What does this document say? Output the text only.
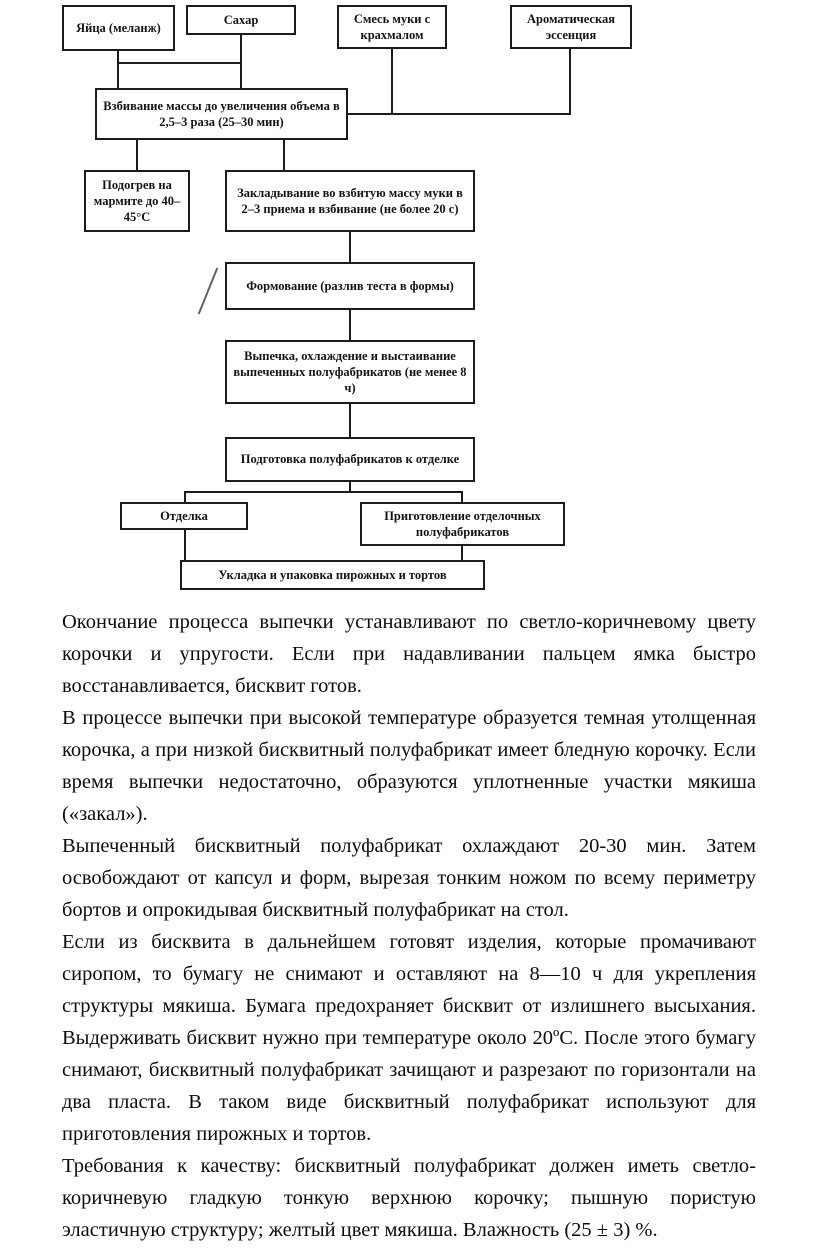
Яйца (меланж)
Сахар	Смесь муки с крахмалом
Ароматическая эссенция
Взбивание массы до увеличения объема в 2,5–3 раза (25–30 мин)
Подогрев на мармите до 40–45°С
Закладывание во взбитую массу муки в 2–3 приема и взбивание (не более 20 с)
Формование (разлив теста в формы)
Выпечка, охлаждение и выстаивание выпеченных полуфабрикатов (не менее 8 ч)
Подготовка полуфабрикатов к отделке
Отделка	Приготовление отделочных полуфабрикатов
Укладка и упаковка пирожных и тортов

Окончание процесса выпечки устанавливают по светло-коричневому цвету корочки и упругости. Если при надавливании пальцем ямка быстро восстанавливается, бисквит готов.

В процессе выпечки при высокой температуре образуется темная утолщенная корочка, а при низкой бисквитный полуфабрикат имеет бледную корочку. Если время выпечки недостаточно, образуются уплотненные участки мякиша («закал»).

Выпеченный бисквитный полуфабрикат охлаждают 20-30 мин. Затем освобождают от капсул и форм, вырезая тонким ножом по всему периметру бортов и опрокидывая бисквитный полуфабрикат на стол.

Если из бисквита в дальнейшем готовят изделия, которые промачивают сиропом, то бумагу не снимают и оставляют на 8—10 ч для укрепления структуры мякиша. Бумага предохраняет бисквит от излишнего высыхания. Выдерживать бисквит нужно при температуре около 20ºС. После этого бумагу снимают, бисквитный полуфабрикат зачищают и разрезают по горизонтали на два пласта. В таком виде бисквитный полуфабрикат используют для приготовления пирожных и тортов.

Требования к качеству: бисквитный полуфабрикат должен иметь светло-коричневую гладкую тонкую верхнюю корочку; пышную пористую эластичную структуру; желтый цвет мякиша. Влажность (25 ± 3) %.
